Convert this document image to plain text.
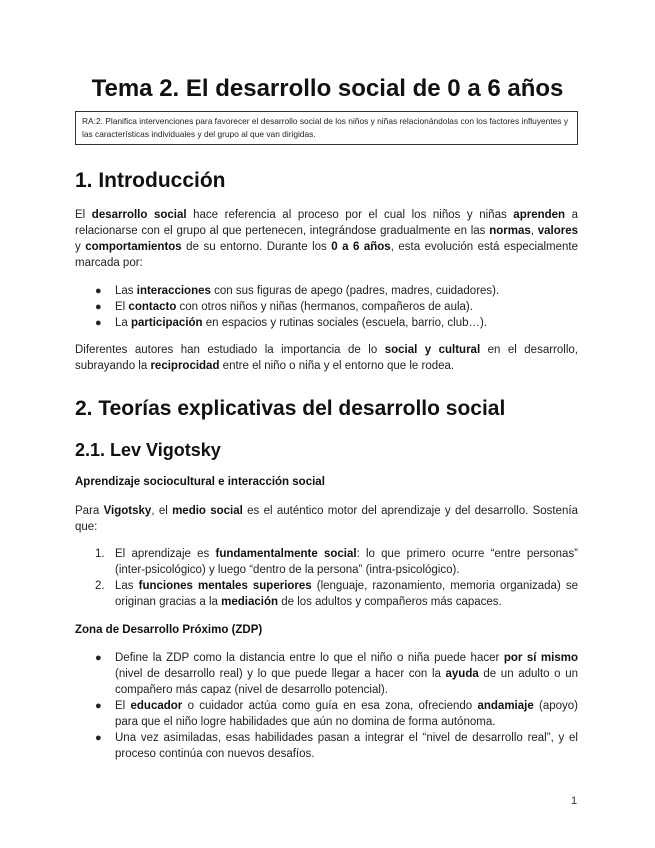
Tema 2. El desarrollo social de 0 a 6 años
RA:2. Planifica intervenciones para favorecer el desarrollo social de los niños y niñas relacionándolas con los factores influyentes y las características individuales y del grupo al que van dirigidas.
1. Introducción

El desarrollo social hace referencia al proceso por el cual los niños y niñas aprenden a relacionarse con el grupo al que pertenecen, integrándose gradualmente en las normas, valores y comportamientos de su entorno. Durante los 0 a 6 años, esta evolución está especialmente marcada por:

● Las interacciones con sus figuras de apego (padres, madres, cuidadores).
● El contacto con otros niños y niñas (hermanos, compañeros de aula).
● La participación en espacios y rutinas sociales (escuela, barrio, club…).

Diferentes autores han estudiado la importancia de lo social y cultural en el desarrollo, subrayando la reciprocidad entre el niño o niña y el entorno que le rodea.

2. Teorías explicativas del desarrollo social
2.1. Lev Vigotsky
Aprendizaje sociocultural e interacción social

Para Vigotsky, el medio social es el auténtico motor del aprendizaje y del desarrollo. Sostenía que:

1. El aprendizaje es fundamentalmente social: lo que primero ocurre “entre personas” (inter-psicológico) y luego “dentro de la persona” (intra-psicológico).
2. Las funciones mentales superiores (lenguaje, razonamiento, memoria organizada) se originan gracias a la mediación de los adultos y compañeros más capaces.
Zona de Desarrollo Próximo (ZDP)
● Define la ZDP como la distancia entre lo que el niño o niña puede hacer por sí mismo (nivel de desarrollo real) y lo que puede llegar a hacer con la ayuda de un adulto o un compañero más capaz (nivel de desarrollo potencial).
● El educador o cuidador actúa como guía en esa zona, ofreciendo andamiaje (apoyo) para que el niño logre habilidades que aún no domina de forma autónoma.
● Una vez asimiladas, esas habilidades pasan a integrar el “nivel de desarrollo real”, y el proceso continúa con nuevos desafíos.
1
